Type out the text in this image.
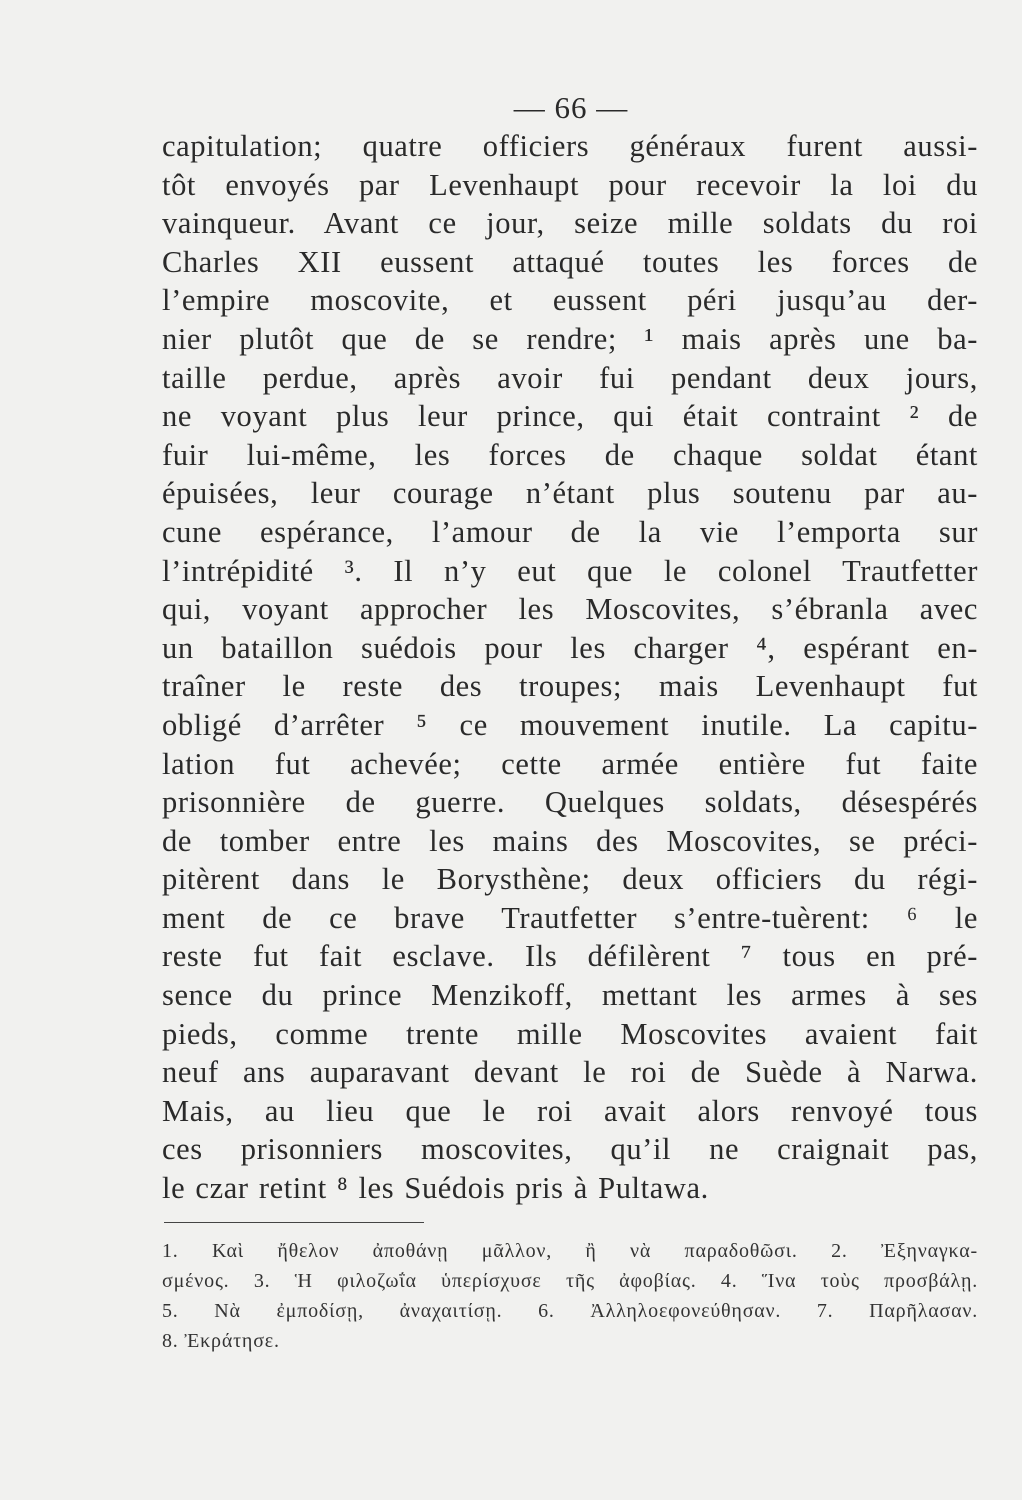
— 66 —
capitulation; quatre officiers généraux furent aussi-
tôt envoyés par Levenhaupt pour recevoir la loi du
vainqueur. Avant ce jour, seize mille soldats du roi
Charles XII eussent attaqué toutes les forces de
l’empire moscovite, et eussent péri jusqu’au der-
nier plutôt que de se rendre; ¹ mais après une ba-
taille perdue, après avoir fui pendant deux jours,
ne voyant plus leur prince, qui était contraint ² de
fuir lui-même, les forces de chaque soldat étant
épuisées, leur courage n’étant plus soutenu par au-
cune espérance, l’amour de la vie l’emporta sur
l’intrépidité ³. Il n’y eut que le colonel Trautfetter
qui, voyant approcher les Moscovites, s’ébranla avec
un bataillon suédois pour les charger ⁴, espérant en-
traîner le reste des troupes; mais Levenhaupt fut
obligé d’arrêter ⁵ ce mouvement inutile. La capitu-
lation fut achevée; cette armée entière fut faite
prisonnière de guerre. Quelques soldats, désespérés
de tomber entre les mains des Moscovites, se préci-
pitèrent dans le Borysthène; deux officiers du régi-
ment de ce brave Trautfetter s’entre-tuèrent: ⁶ le
reste fut fait esclave. Ils défilèrent ⁷ tous en pré-
sence du prince Menzikoff, mettant les armes à ses
pieds, comme trente mille Moscovites avaient fait
neuf ans auparavant devant le roi de Suède à Narwa.
Mais, au lieu que le roi avait alors renvoyé tous
ces prisonniers moscovites, qu’il ne craignait pas,
le czar retint ⁸ les Suédois pris à Pultawa.
1. Καὶ ἤθελον ἀποθάνῃ μᾶλλον, ἢ νὰ παραδοθῶσι. 2. Ἐξηναγκα-
σμένος. 3. Ἡ φιλοζωΐα ὑπερίσχυσε τῆς ἀφοβίας. 4. Ἵνα τοὺς προσβάλῃ.
5. Νὰ ἐμποδίσῃ, ἀναχαιτίσῃ. 6. Ἀλληλοεφονεύθησαν. 7. Παρῆλασαν.
8. Ἐκράτησε.
